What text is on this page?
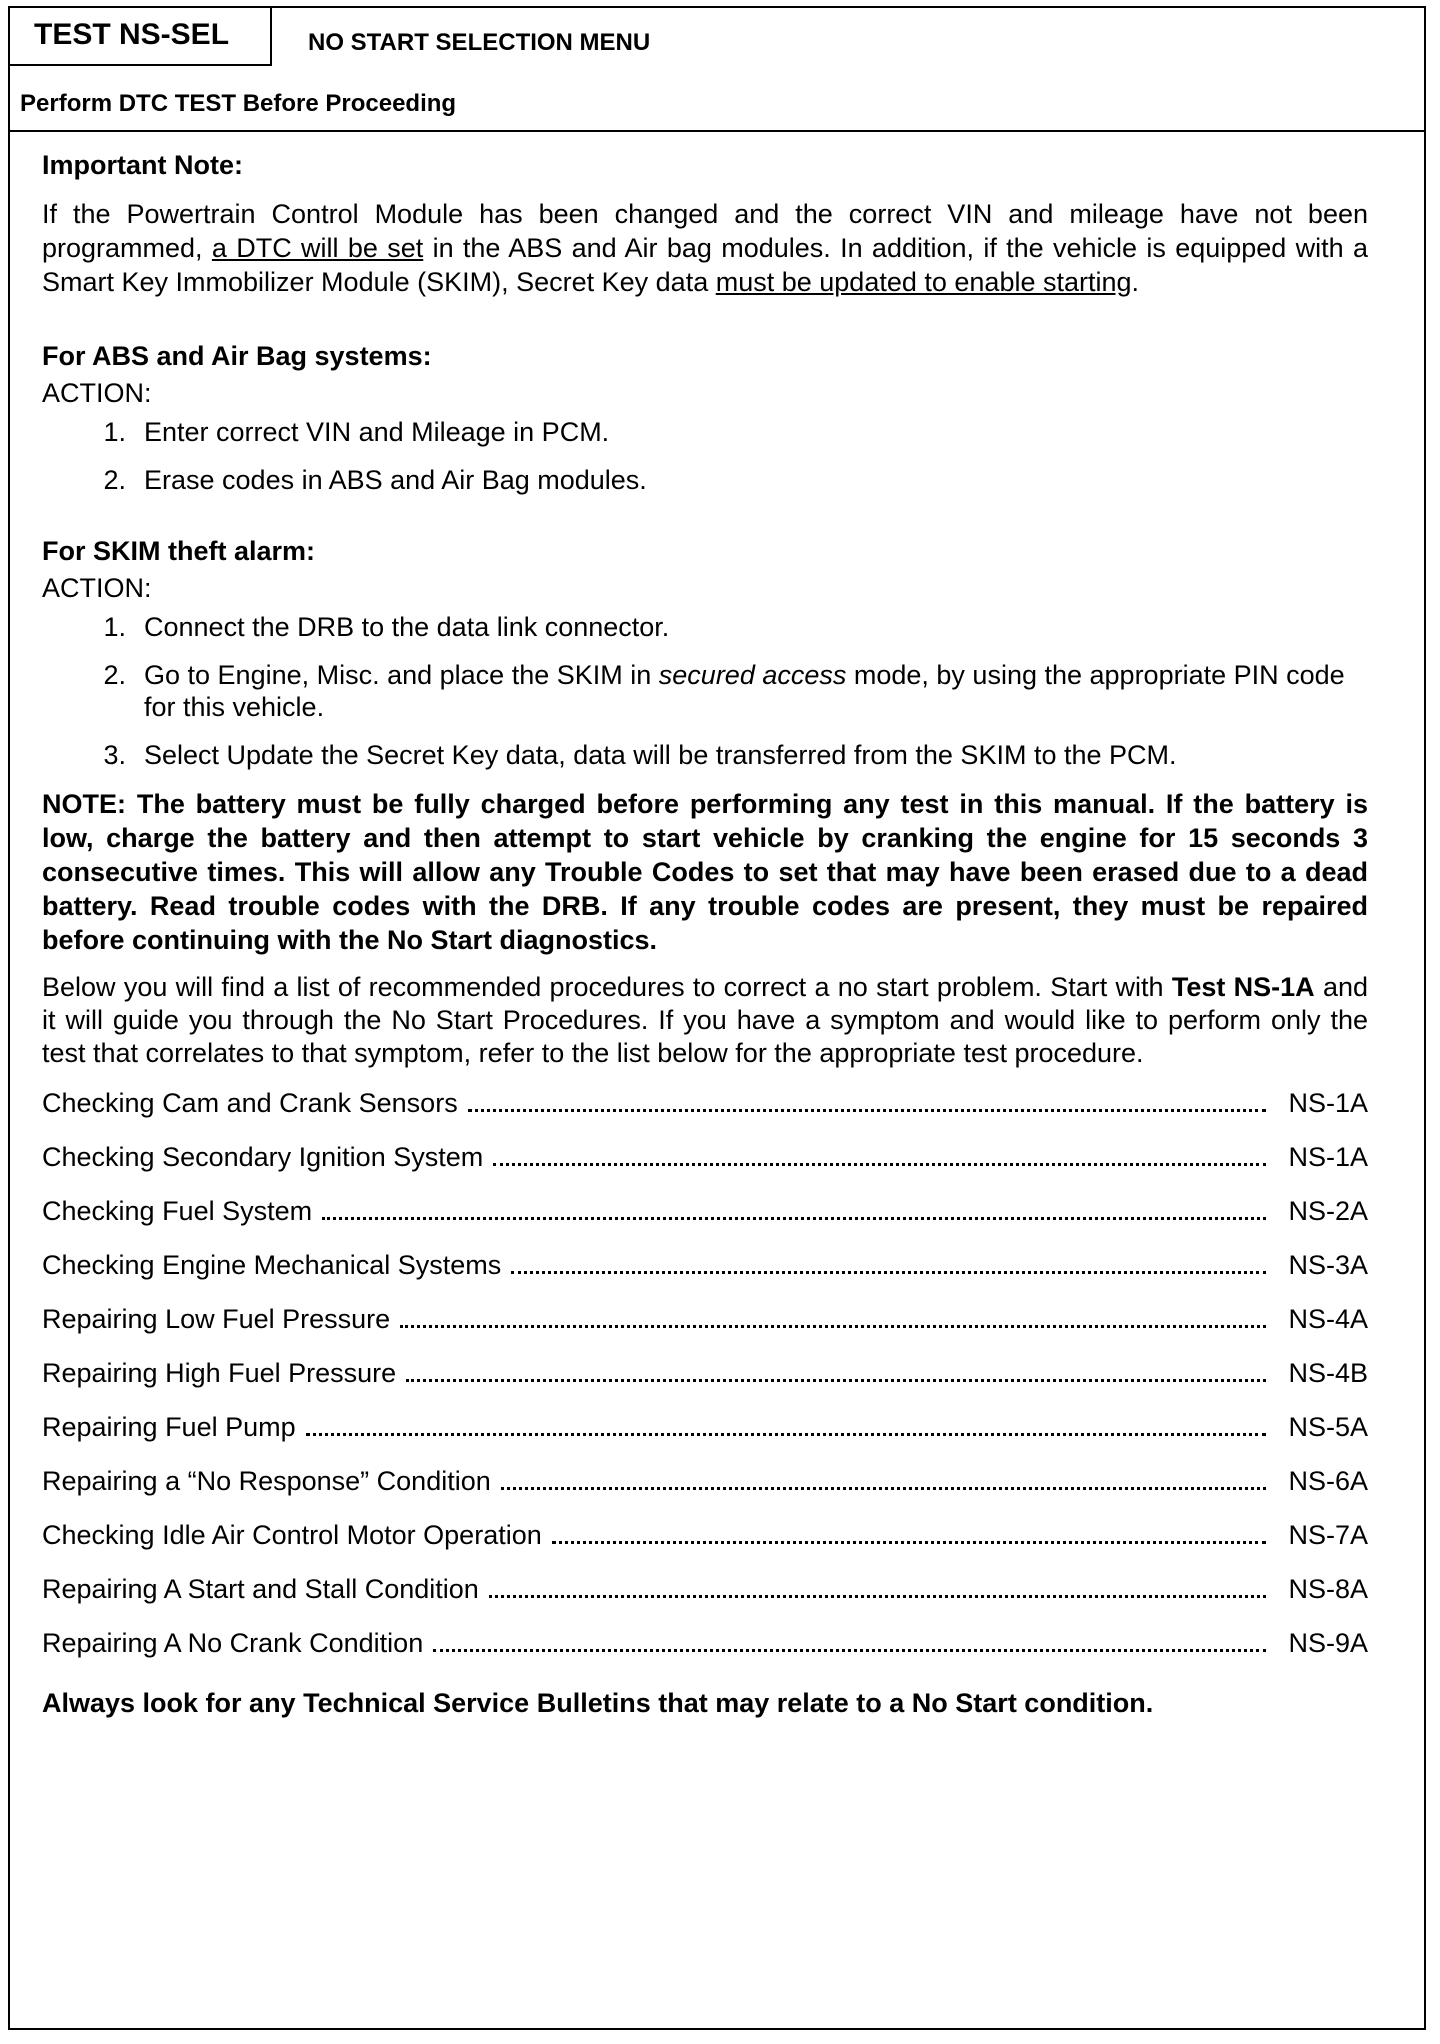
TEST NS-SEL	NO START SELECTION MENU
Perform DTC TEST Before Proceeding
Important Note:
If the Powertrain Control Module has been changed and the correct VIN and mileage have not been programmed, a DTC will be set in the ABS and Air bag modules. In addition, if the vehicle is equipped with a Smart Key Immobilizer Module (SKIM), Secret Key data must be updated to enable starting.
For ABS and Air Bag systems:
ACTION:
1. Enter correct VIN and Mileage in PCM.
2. Erase codes in ABS and Air Bag modules.
For SKIM theft alarm:
ACTION:
1. Connect the DRB to the data link connector.
2. Go to Engine, Misc. and place the SKIM in secured access mode, by using the appropriate PIN code for this vehicle.
3. Select Update the Secret Key data, data will be transferred from the SKIM to the PCM.
NOTE: The battery must be fully charged before performing any test in this manual. If the battery is low, charge the battery and then attempt to start vehicle by cranking the engine for 15 seconds 3 consecutive times. This will allow any Trouble Codes to set that may have been erased due to a dead battery. Read trouble codes with the DRB. If any trouble codes are present, they must be repaired before continuing with the No Start diagnostics.
Below you will find a list of recommended procedures to correct a no start problem. Start with Test NS-1A and it will guide you through the No Start Procedures. If you have a symptom and would like to perform only the test that correlates to that symptom, refer to the list below for the appropriate test procedure.
Checking Cam and Crank Sensors	NS-1A
Checking Secondary Ignition System	NS-1A
Checking Fuel System	NS-2A
Checking Engine Mechanical Systems	NS-3A
Repairing Low Fuel Pressure	NS-4A
Repairing High Fuel Pressure	NS-4B
Repairing Fuel Pump	NS-5A
Repairing a “No Response” Condition	NS-6A
Checking Idle Air Control Motor Operation	NS-7A
Repairing A Start and Stall Condition	NS-8A
Repairing A No Crank Condition	NS-9A
Always look for any Technical Service Bulletins that may relate to a No Start condition.
